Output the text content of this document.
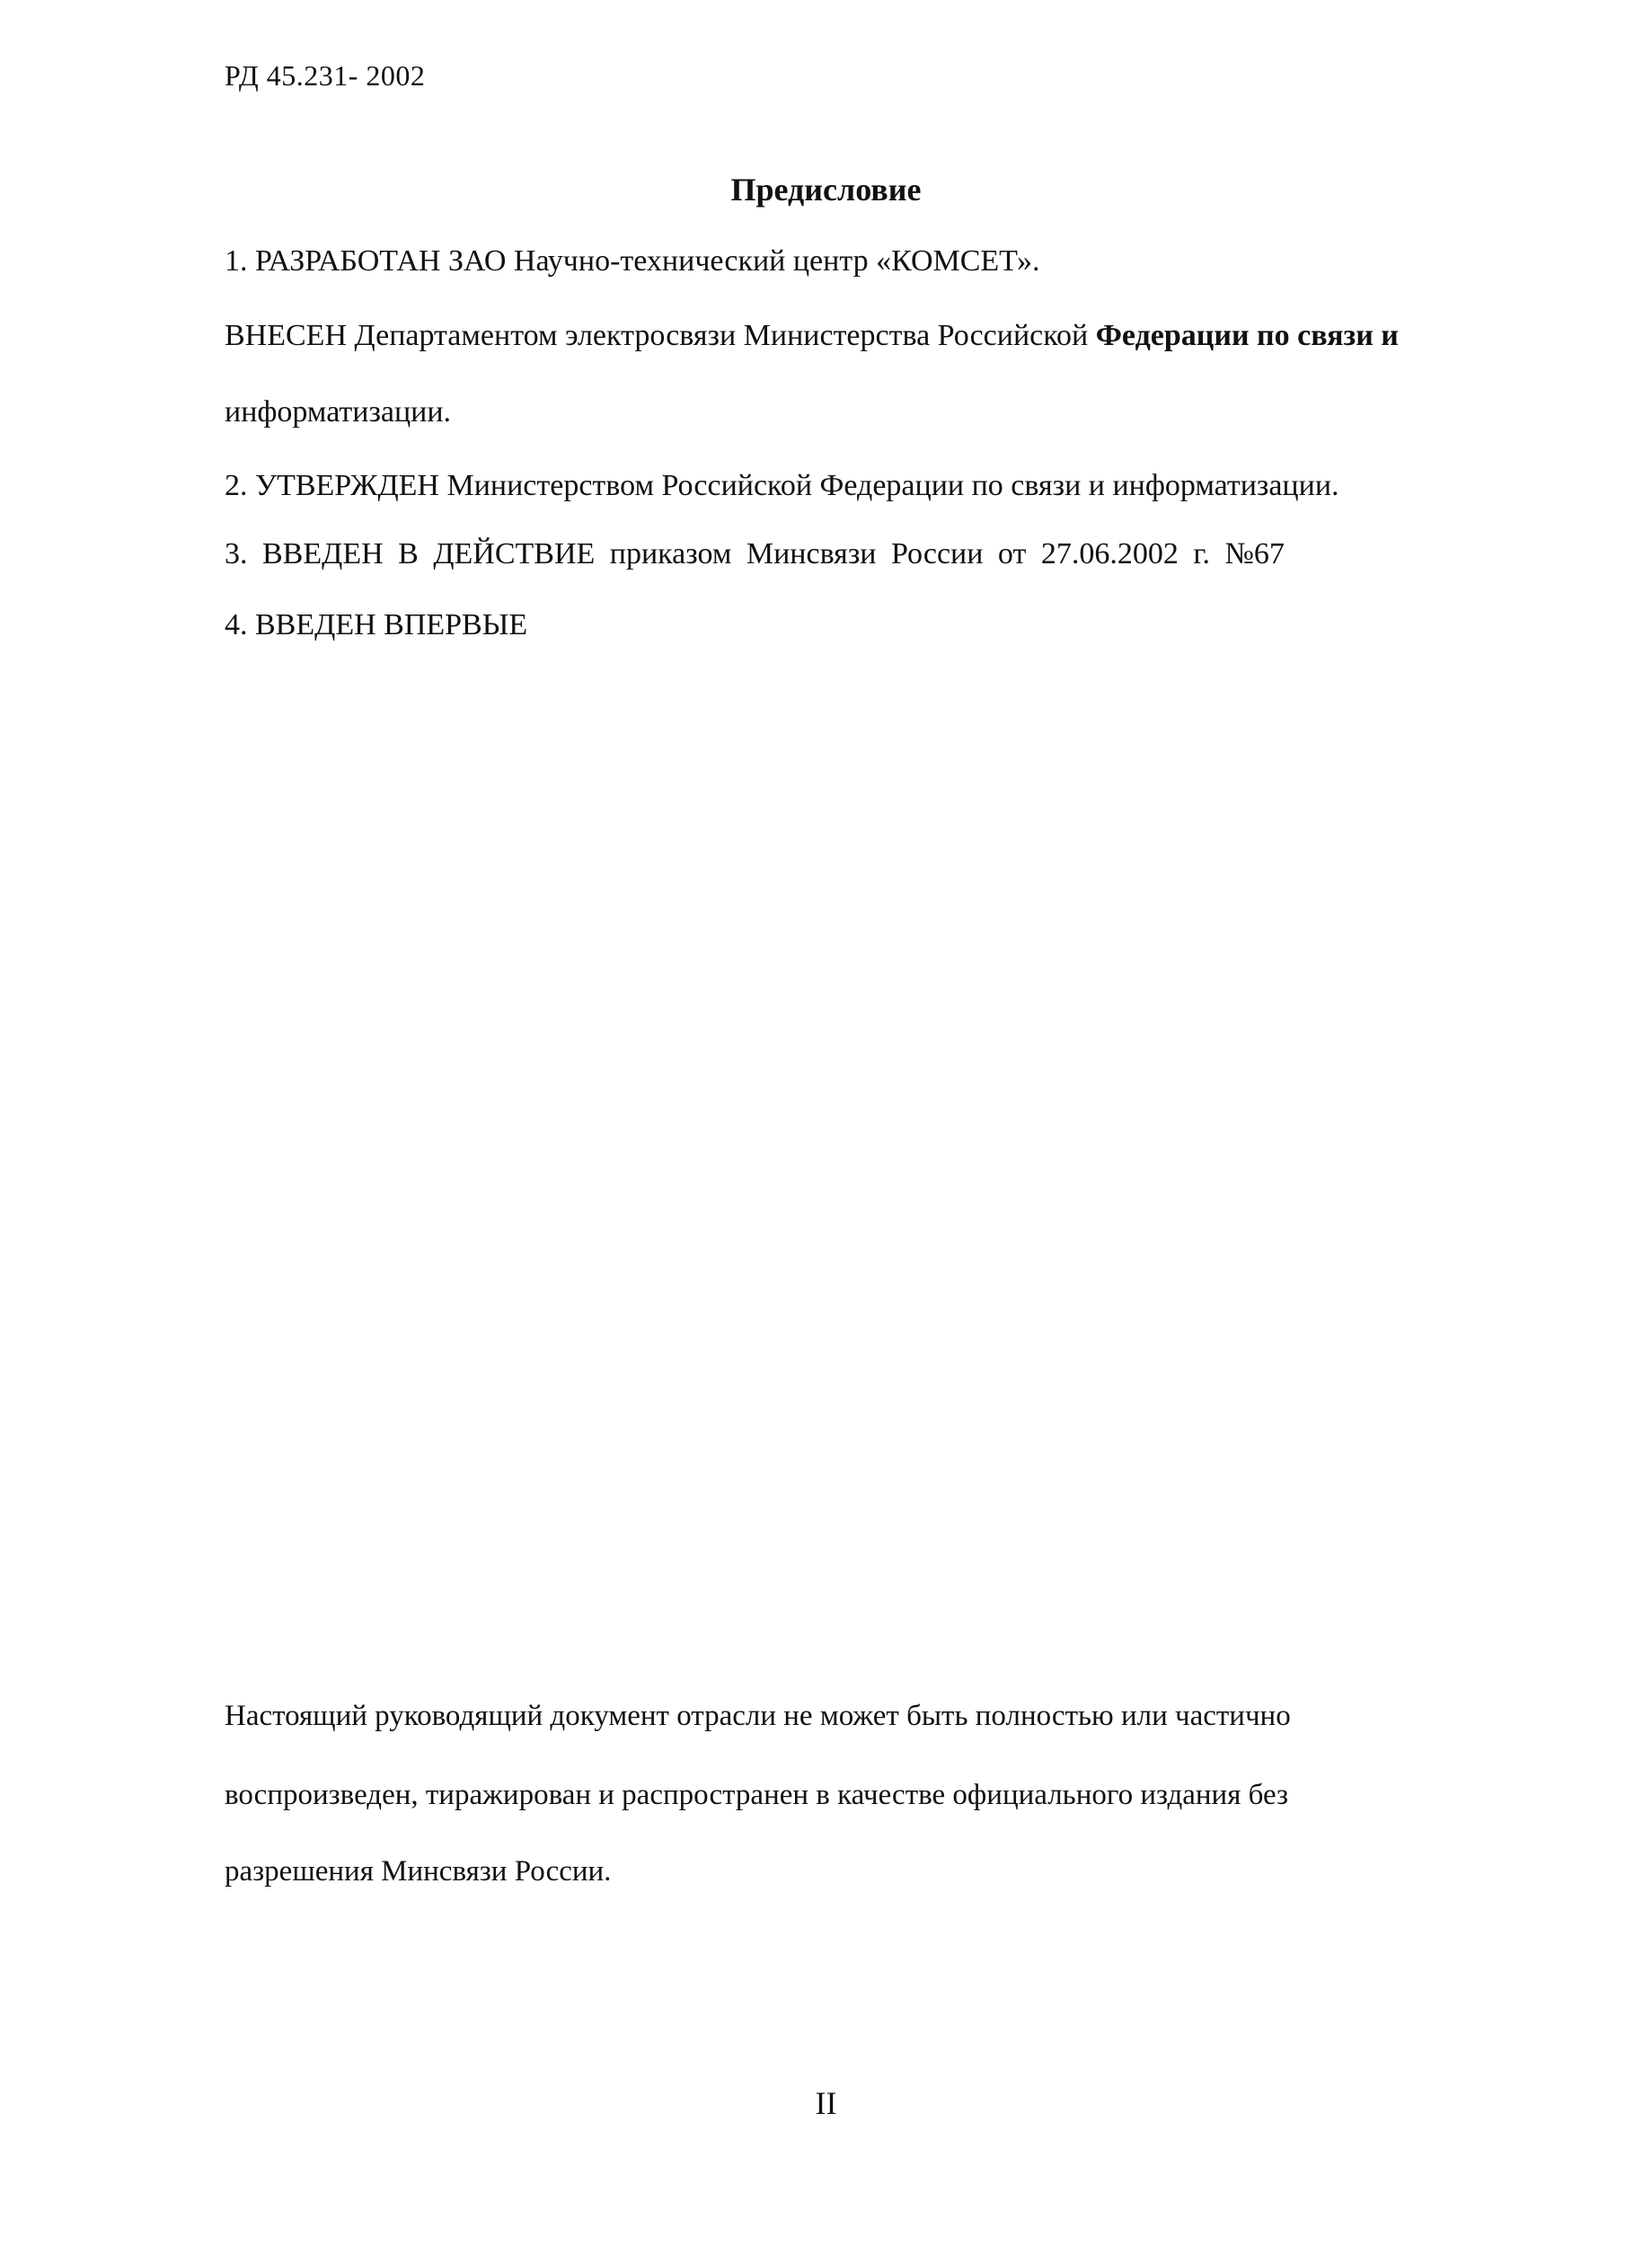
РД 45.231- 2002
Предисловие
1. РАЗРАБОТАН ЗАО Научно-технический центр «КОМСЕТ».
ВНЕСЕН Департаментом электросвязи Министерства Российской Федерации по связи и
информатизации.
2. УТВЕРЖДЕН Министерством Российской Федерации по связи и информатизации.
3. ВВЕДЕН В ДЕЙСТВИЕ приказом Минсвязи России от 27.06.2002 г. №67
4. ВВЕДЕН ВПЕРВЫЕ
Настоящий руководящий документ отрасли не может быть полностью или частично
воспроизведен, тиражирован и распространен в качестве официального издания без
разрешения Минсвязи России.
II
